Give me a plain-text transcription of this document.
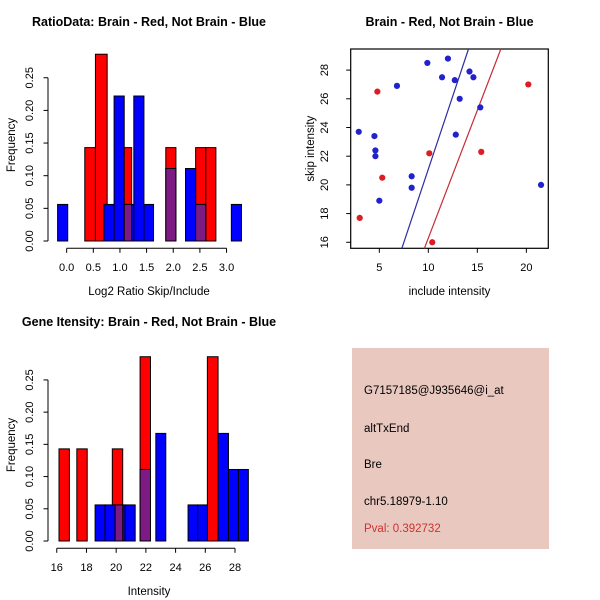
RatioData: Brain - Red, Not Brain - Blue
Log2 Ratio Skip/Include
Frequency
0.0 0.5 1.0 1.5 2.0 2.5 3.0
0.00
0.05
0.10
0.15
0.20
0.25
Brain - Red, Not Brain - Blue
include intensity
skip intensity
5	10	15	20
16
18
20
22
24
26
28
Gene Itensity: Brain - Red, Not Brain - Blue
Intensity
Frequency
16 18 20 22 24 26 28
0.00
0.05
0.10
0.15
0.20
0.25
G7157185@J935646@i_at
altTxEnd
Bre
chr5.18979-1.10
Pval: 0.392732
